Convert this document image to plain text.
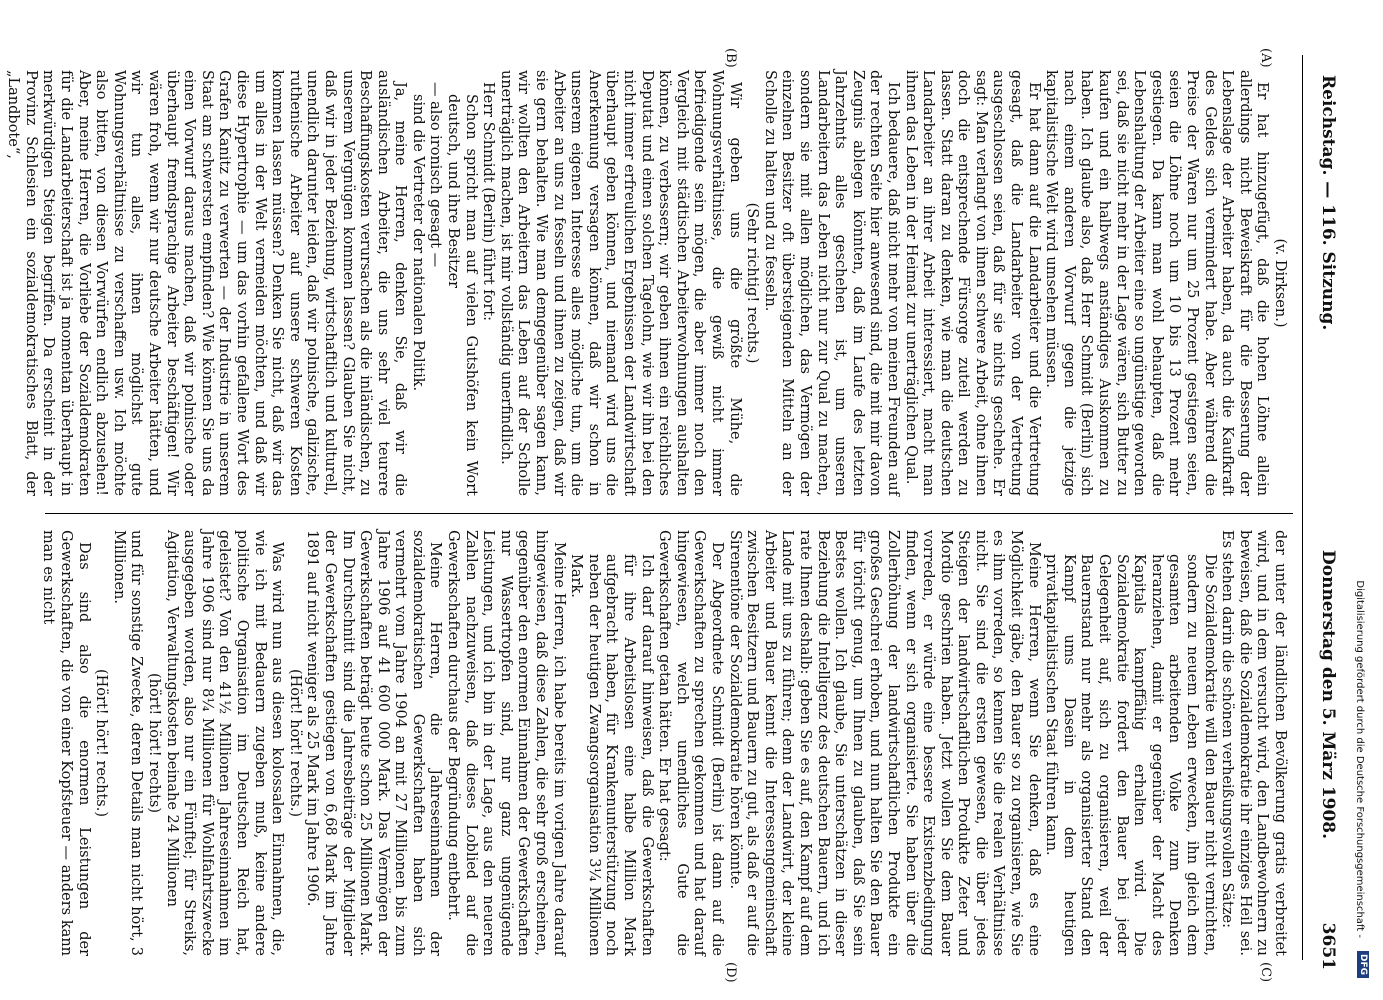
Reichstag. — 116. Sitzung.
Donnerstag den 5. März 1908.
3651
(A)
(B)
(C)
(D)

(v. Dirksen.)

Er hat hinzugefügt, daß die hohen Löhne allein allerdings nicht Beweiskraft für die Besserung der Lebenslage der Arbeiter haben, da auch die Kaufkraft des Geldes sich vermindert habe. Aber während die Preise der Waren nur um 25 Prozent gestiegen seien, seien die Löhne noch um 10 bis 13 Prozent mehr gestiegen. Da kann man wohl behaupten, daß die Lebenshaltung der Arbeiter eine so ungünstige geworden sei, daß sie nicht mehr in der Lage wären, sich Butter zu kaufen und ein halbwegs anständiges Auskommen zu haben. Ich glaube also, daß Herr Schmidt (Berlin) sich nach einem anderen Vorwurf gegen die jetzige kapitalistische Welt wird umsehen müssen.

Er hat dann auf die Landarbeiter und die Vertretung gesagt, daß die Landarbeiter von der Vertretung ausgeschlossen seien, daß für sie nichts geschehe. Er sagt: Man verlangt von ihnen schwere Arbeit, ohne ihnen doch die entsprechende Fürsorge zuteil werden zu lassen. Statt daran zu denken, wie man die deutschen Landarbeiter an ihrer Arbeit interessiert, macht man ihnen das Leben in der Heimat zur unerträglichen Qual.

Ich bedauere, daß nicht mehr von meinen Freunden auf der rechten Seite hier anwesend sind, die mit mir davon Zeugnis ablegen könnten, daß im Laufe des letzten Jahrzehnts alles geschehen ist, um unseren Landarbeitern das Leben nicht nur zur Qual zu machen, sondern sie mit allen möglichen, das Vermögen der einzelnen Besitzer oft übersteigenden Mitteln an der Scholle zu halten und zu fesseln.

(Sehr richtig! rechts.)

Wir geben uns die größte Mühe, die Wohnungsverhältnisse, die gewiß nicht immer befriedigende sein mögen, die aber immer noch den Vergleich mit städtischen Arbeiterwohnungen aushalten können, zu verbessern; wir geben ihnen ein reichliches Deputat und einen solchen Tagelohn, wie wir ihn bei den nicht immer erfreulichen Ergebnissen der Landwirtschaft überhaupt geben können, und niemand wird uns die Anerkennung versagen können, daß wir schon in unserem eigenen Interesse alles mögliche tun, um die Arbeiter an uns zu fesseln und ihnen zu zeigen, daß wir sie gern behalten. Wie man demgegenüber sagen kann, wir wollten den Arbeitern das Leben auf der Scholle unerträglich machen, ist mir vollständig unerfindlich.

Herr Schmidt (Berlin) führt fort:

Schon spricht man auf vielen Gutshöfen kein Wort deutsch, und ihre Besitzer

— also ironisch gesagt —

sind die Vertreter der nationalen Politik.

Ja, meine Herren, denken Sie, daß wir die ausländischen Arbeiter, die uns sehr viel teurere Beschaffungskosten verursachen als die inländischen, zu unserem Vergnügen kommen lassen? Glauben Sie nicht, daß wir in jeder Beziehung, wirtschaftlich und kulturell, unendlich darunter leiden, daß wir polnische, galizische, ruthenische Arbeiter auf unsere schweren Kosten kommen lassen müssen? Denken Sie nicht, daß wir das um alles in der Welt vermeiden möchten, und daß wir diese Hypertrophie — um das vorhin gefallene Wort des Grafen Kanitz zu verwerten — der Industrie in unserem Staat am schwersten empfinden? Wie können Sie uns da einen Vorwurf daraus machen, daß wir polnische oder überhaupt fremdsprachige Arbeiter beschäftigen! Wir wären froh, wenn wir nur deutsche Arbeiter hätten, und wir tun alles, ihnen möglichst gute Wohnungsverhältnisse zu verschaffen usw. Ich möchte also bitten, von diesen Vorwürfen endlich abzusehen! Aber, meine Herren, die Vorliebe der Sozialdemokraten für die Landarbeiterschaft ist ja momentan überhaupt in merkwürdigen Steigen begriffen. Da erscheint in der Provinz Schlesien ein sozialdemokratisches Blatt, der „Landbote“,

der unter der ländlichen Bevölkerung gratis verbreitet wird, und in dem versucht wird, den Landbewohnern zu beweisen, daß die Sozialdemokratie ihr einziges Heil sei. Es stehen darin die schönen verheißungsvollen Sätze:

Die Sozialdemokratie will den Bauer nicht vernichten, sondern zu neuem Leben erwecken, ihn gleich dem gesamten arbeitenden Volke zum Denken heranziehen, damit er gegenüber der Macht des Kapitals kampffähig erhalten wird. Die Sozialdemokratie fordert den Bauer bei jeder Gelegenheit auf, sich zu organisieren, weil der Bauernstand nur mehr als organisierter Stand den Kampf ums Dasein in dem heutigen privatkapitalistischen Staat führen kann.

Meine Herren, wenn Sie denken, daß es eine Möglichkeit gäbe, den Bauer so zu organisieren, wie Sie es ihm vorreden, so kennen Sie die realen Verhältnisse nicht. Sie sind die ersten gewesen, die über jedes Steigen der landwirtschaftlichen Produkte Zeter und Mordio geschrien haben. Jetzt wollen Sie dem Bauer vorreden, er würde eine bessere Existenzbedingung finden, wenn er sich organisierte. Sie haben über die Zollerhöhung der landwirtschaftlichen Produkte ein großes Geschrei erhoben, und nun halten Sie den Bauer für töricht genug, um Ihnen zu glauben, daß Sie sein Bestes wollen. Ich glaube, Sie unterschätzen in dieser Beziehung die Intelligenz des deutschen Bauern, und ich rate Ihnen deshalb: geben Sie es auf, den Kampf auf dem Lande mit uns zu führen; denn der Landwirt, der kleine Arbeiter und Bauer kennt die Interessengemeinschaft zwischen Besitzern und Bauern zu gut, als daß er auf die Sirenentöne der Sozialdemokratie hören könnte.

Der Abgeordnete Schmidt (Berlin) ist dann auf die Gewerkschaften zu sprechen gekommen und hat darauf hingewiesen, welch unendliches Gute die Gewerkschaften getan hätten. Er hat gesagt:

Ich darf darauf hinweisen, daß die Gewerkschaften für ihre Arbeitslosen eine halbe Million Mark aufgebracht haben, für Krankenunterstützung noch neben der heutigen Zwangsorganisation 3¼ Millionen Mark.

Meine Herren, ich habe bereits im vorigen Jahre darauf hingewiesen, daß diese Zahlen, die sehr groß erscheinen, gegenüber den enormen Einnahmen der Gewerkschaften nur Wassertropfen sind, nur ganz ungenügende Leistungen, und ich bin in der Lage, aus den neueren Zahlen nachzuweisen, daß dieses Loblied auf die Gewerkschaften durchaus der Begründung entbehrt.

Meine Herren, die Jahreseinnahmen der sozialdemokratischen Gewerkschaften haben sich vermehrt vom Jahre 1904 an mit 27 Millionen bis zum Jahre 1906 auf 41 600 000 Mark. Das Vermögen der Gewerkschaften beträgt heute schon 25 Millionen Mark. Im Durchschnitt sind die Jahresbeiträge der Mitglieder der Gewerkschaften gestiegen von 6,68 Mark im Jahre 1891 auf nicht weniger als 25 Mark im Jahre 1906.

(Hört! hört! rechts.)

Was wird nun aus diesen kolossalen Einnahmen, die, wie ich mit Bedauern zugeben muß, keine andere politische Organisation im Deutschen Reich hat, geleistet? Von den 41½ Millionen Jahreseinnahmen im Jahre 1906 sind nur 8¼ Millionen für Wohlfahrtszwecke ausgegeben worden, also nur ein Fünftel; für Streiks, Agitation, Verwaltungskosten beinahe 24 Millionen

(hört! hört! rechts)

und für sonstige Zwecke, deren Details man nicht hört, 3 Millionen.

(Hört! hört! rechts.)

Das sind also die enormen Leistungen der Gewerkschaften, die von einer Kopfsteuer — anders kann man es nicht

Digitalisierung gefördert durch die Deutsche Forschungsgemeinschaft -
DFG
